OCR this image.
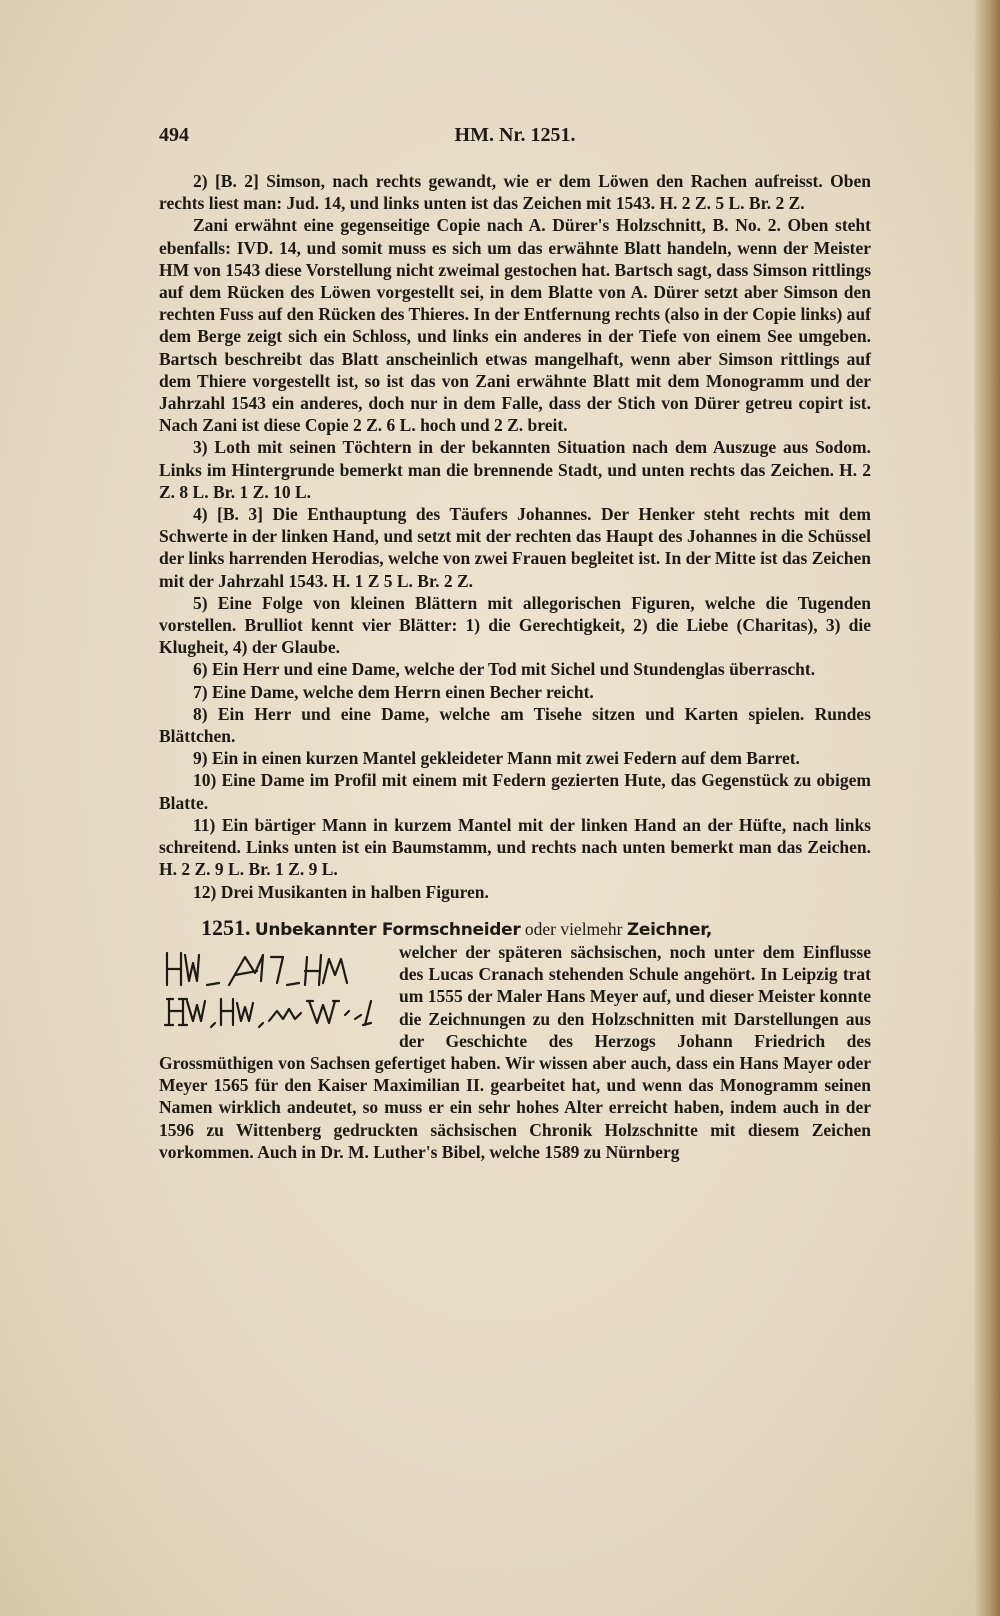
494	HM. Nr. 1251.

2) [B. 2] Simson, nach rechts gewandt, wie er dem Löwen den Rachen aufreisst. Oben rechts liest man: Jud. 14, und links unten ist das Zeichen mit 1543. H. 2 Z. 5 L. Br. 2 Z.

Zani erwähnt eine gegenseitige Copie nach A. Dürer's Holzschnitt, B. No. 2. Oben steht ebenfalls: IVD. 14, und somit muss es sich um das erwähnte Blatt handeln, wenn der Meister HM von 1543 diese Vorstellung nicht zweimal gestochen hat. Bartsch sagt, dass Simson rittlings auf dem Rücken des Löwen vorgestellt sei, in dem Blatte von A. Dürer setzt aber Simson den rechten Fuss auf den Rücken des Thieres. In der Entfernung rechts (also in der Copie links) auf dem Berge zeigt sich ein Schloss, und links ein anderes in der Tiefe von einem See umgeben. Bartsch beschreibt das Blatt anscheinlich etwas mangelhaft, wenn aber Simson rittlings auf dem Thiere vorgestellt ist, so ist das von Zani erwähnte Blatt mit dem Monogramm und der Jahrzahl 1543 ein anderes, doch nur in dem Falle, dass der Stich von Dürer getreu copirt ist. Nach Zani ist diese Copie 2 Z. 6 L. hoch und 2 Z. breit.

3) Loth mit seinen Töchtern in der bekannten Situation nach dem Auszuge aus Sodom. Links im Hintergrunde bemerkt man die brennende Stadt, und unten rechts das Zeichen. H. 2 Z. 8 L. Br. 1 Z. 10 L.

4) [B. 3] Die Enthauptung des Täufers Johannes. Der Henker steht rechts mit dem Schwerte in der linken Hand, und setzt mit der rechten das Haupt des Johannes in die Schüssel der links harrenden Herodias, welche von zwei Frauen begleitet ist. In der Mitte ist das Zeichen mit der Jahrzahl 1543. H. 1 Z 5 L. Br. 2 Z.

5) Eine Folge von kleinen Blättern mit allegorischen Figuren, welche die Tugenden vorstellen. Brulliot kennt vier Blätter: 1) die Gerechtigkeit, 2) die Liebe (Charitas), 3) die Klugheit, 4) der Glaube.

6) Ein Herr und eine Dame, welche der Tod mit Sichel und Stundenglas überrascht.

7) Eine Dame, welche dem Herrn einen Becher reicht.

8) Ein Herr und eine Dame, welche am Tisehe sitzen und Karten spielen. Rundes Blättchen.

9) Ein in einen kurzen Mantel gekleideter Mann mit zwei Federn auf dem Barret.

10) Eine Dame im Profil mit einem mit Federn gezierten Hute, das Gegenstück zu obigem Blatte.

11) Ein bärtiger Mann in kurzem Mantel mit der linken Hand an der Hüfte, nach links schreitend. Links unten ist ein Baumstamm, und rechts nach unten bemerkt man das Zeichen. H. 2 Z. 9 L. Br. 1 Z. 9 L.

12) Drei Musikanten in halben Figuren.

1251. Unbekannter Formschneider oder vielmehr Zeichner,

welcher der späteren sächsischen, noch unter dem Einflusse des Lucas Cranach stehenden Schule angehört. In Leipzig trat um 1555 der Maler Hans Meyer auf, und dieser Meister konnte die Zeichnungen zu den Holzschnitten mit Darstellungen aus der Geschichte des Herzogs Johann Friedrich des Grossmüthigen von Sachsen gefertiget haben. Wir wissen aber auch, dass ein Hans Mayer oder Meyer 1565 für den Kaiser Maximilian II. gearbeitet hat, und wenn das Monogramm seinen Namen wirklich andeutet, so muss er ein sehr hohes Alter erreicht haben, indem auch in der 1596 zu Wittenberg gedruckten sächsischen Chronik Holzschnitte mit diesem Zeichen vorkommen. Auch in Dr. M. Luther's Bibel, welche 1589 zu Nürnberg
